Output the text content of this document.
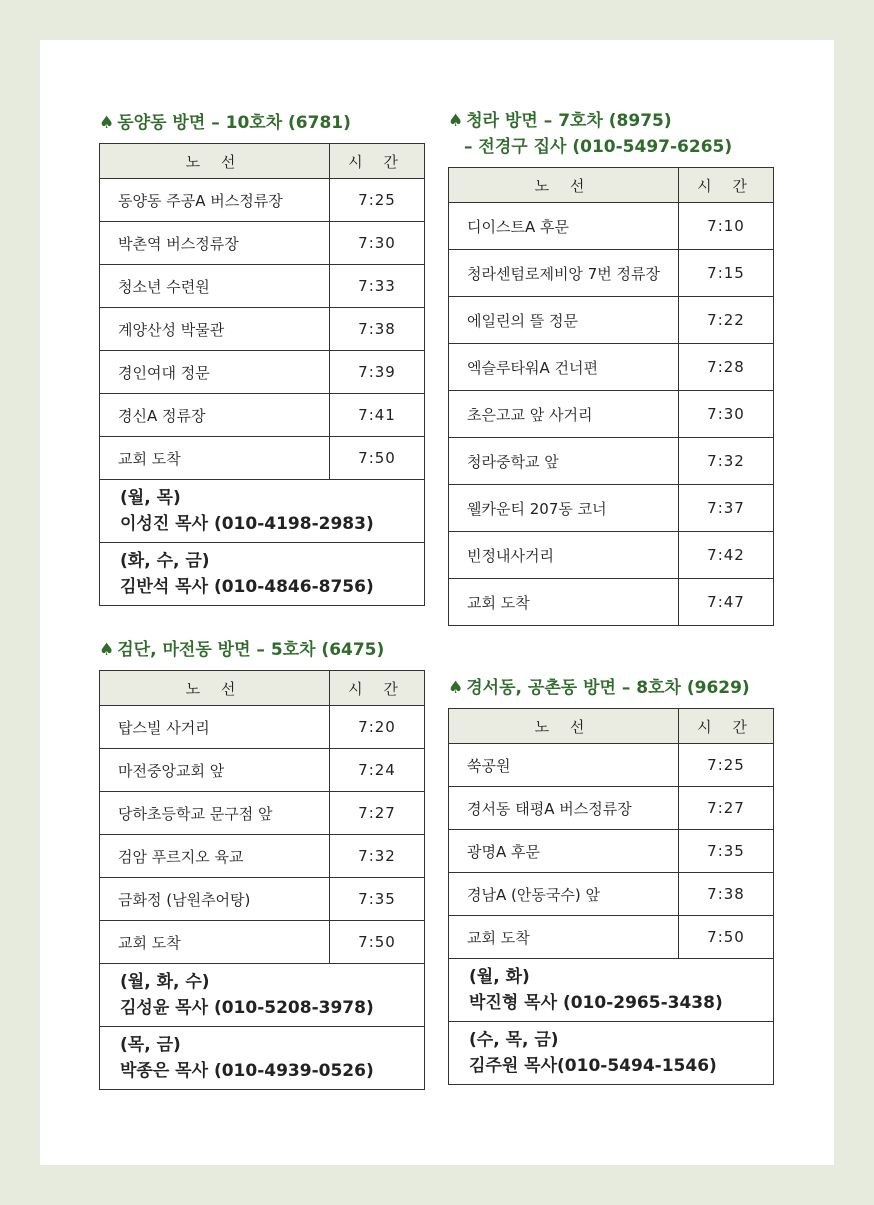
♠ 동양동 방면 – 10호차 (6781)
노 선	시 간
동양동 주공A 버스정류장	7:25
박촌역 버스정류장	7:30
청소년 수련원	7:33
계양산성 박물관	7:38
경인여대 정문	7:39
경신A 정류장	7:41
교회 도착	7:50

(월, 목)
이성진 목사 (010-4198-2983)	

(화, 수, 금)
김반석 목사 (010-4846-8756)	
♠ 검단, 마전동 방면 – 5호차 (6475)
노 선	시 간
탑스빌 사거리	7:20
마전중앙교회 앞	7:24
당하초등학교 문구점 앞	7:27
검암 푸르지오 육교	7:32
금화정 (남원추어탕)	7:35
교회 도착	7:50

(월, 화, 수)
김성윤 목사 (010-5208-3978)	

(목, 금)
박종은 목사 (010-4939-0526)	
♠ 청라 방면 – 7호차 (8975)
– 전경구 집사 (010-5497-6265)
노 선	시 간
디이스트A 후문	7:10
청라센텀로제비앙 7번 정류장	7:15
에일린의 뜰 정문	7:22
엑슬루타워A 건너편	7:28
초은고교 앞 사거리	7:30
청라중학교 앞	7:32
웰카운티 207동 코너	7:37
빈정내사거리	7:42
교회 도착	7:47
♠ 경서동, 공촌동 방면 – 8호차 (9629)
노 선	시 간
쑥공원	7:25
경서동 태평A 버스정류장	7:27
광명A 후문	7:35
경남A (안동국수) 앞	7:38
교회 도착	7:50

(월, 화)
박진형 목사 (010-2965-3438)	

(수, 목, 금)
김주원 목사(010-5494-1546)	
